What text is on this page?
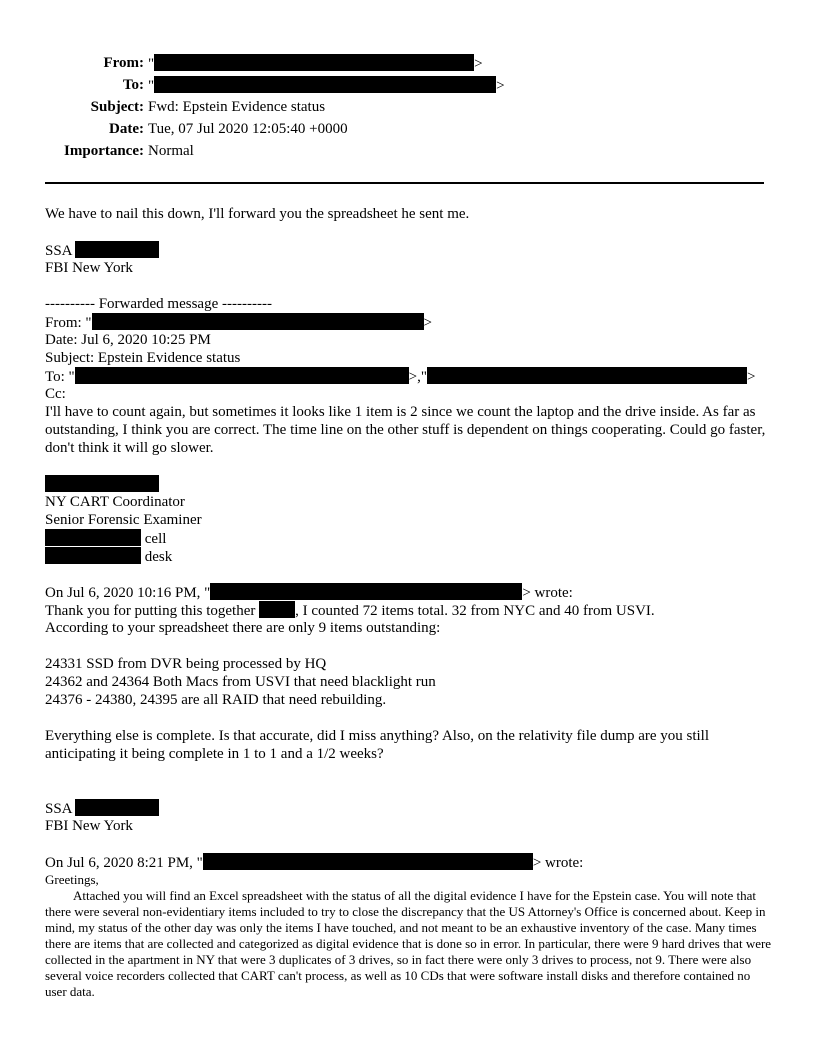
From: "	>
To: "	>
Subject: Fwd: Epstein Evidence status
Date: Tue, 07 Jul 2020 12:05:40 +0000
Importance: Normal
We have to nail this down, I'll forward you the spreadsheet he sent me.
SSA
FBI New York
---------- Forwarded message ----------
From: "	>
Date: Jul 6, 2020 10:25 PM
Subject: Epstein Evidence status
To: "	>,"	>
Cc:
I'll have to count again, but sometimes it looks like 1 item is 2 since we count the laptop and the drive inside. As far as outstanding, I think you are correct. The time line on the other stuff is dependent on things cooperating. Could go faster, don't think it will go slower.
NY CART Coordinator
Senior Forensic Examiner
cell
desk
On Jul 6, 2020 10:16 PM, "	> wrote:
Thank you for putting this together	, I counted 72 items total. 32 from NYC and 40 from USVI.
According to your spreadsheet there are only 9 items outstanding:
24331 SSD from DVR being processed by HQ
24362 and 24364 Both Macs from USVI that need blacklight run
24376 - 24380, 24395 are all RAID that need rebuilding.
Everything else is complete. Is that accurate, did I miss anything? Also, on the relativity file dump are you still anticipating it being complete in 1 to 1 and a 1/2 weeks?
SSA
FBI New York
On Jul 6, 2020 8:21 PM, "	> wrote:
Greetings,
Attached you will find an Excel spreadsheet with the status of all the digital evidence I have for the Epstein case. You will note that there were several non-evidentiary items included to try to close the discrepancy that the US Attorney's Office is concerned about. Keep in mind, my status of the other day was only the items I have touched, and not meant to be an exhaustive inventory of the case. Many times there are items that are collected and categorized as digital evidence that is done so in error. In particular, there were 9 hard drives that were collected in the apartment in NY that were 3 duplicates of 3 drives, so in fact there were only 3 drives to process, not 9. There were also several voice recorders collected that CART can't process, as well as 10 CDs that were software install disks and therefore contained no user data.
